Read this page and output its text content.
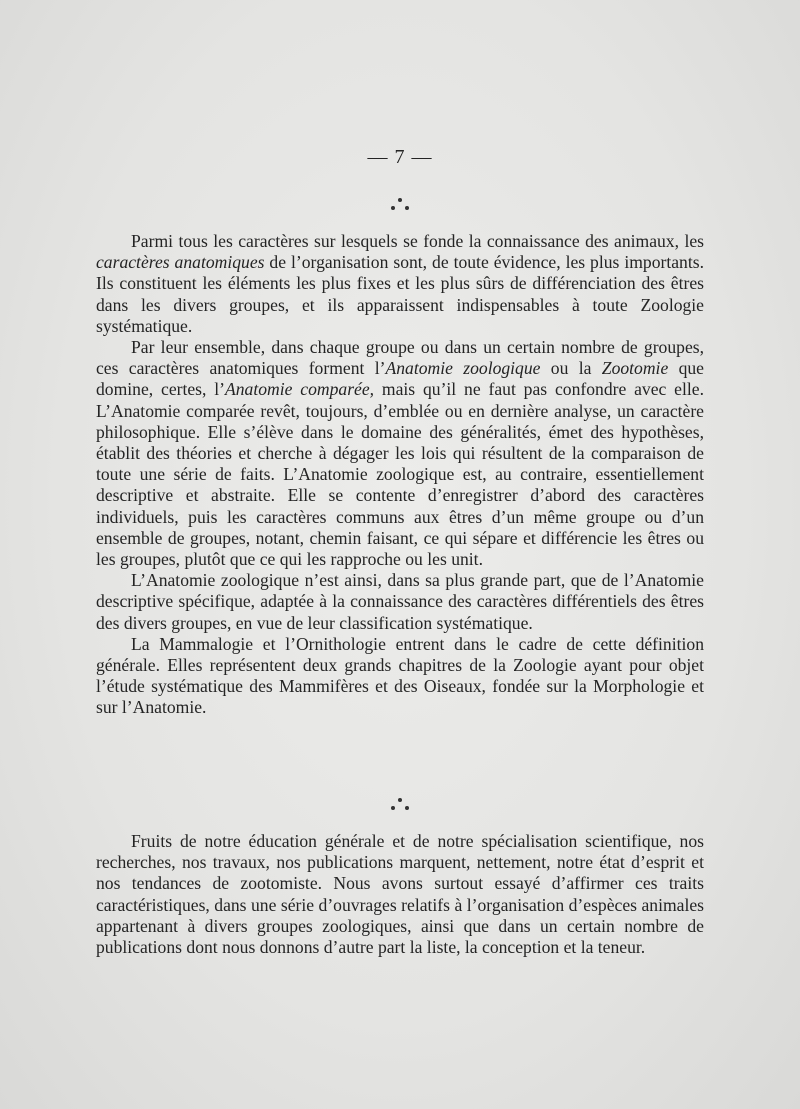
— 7 —

Parmi tous les caractères sur lesquels se fonde la connaissance des animaux, les caractères anatomiques de l’organisation sont, de toute évidence, les plus importants. Ils constituent les éléments les plus fixes et les plus sûrs de différenciation des êtres dans les divers groupes, et ils apparaissent indispensables à toute Zoologie systématique.

Par leur ensemble, dans chaque groupe ou dans un certain nombre de groupes, ces caractères anatomiques forment l’Anatomie zoologique ou la Zootomie que domine, certes, l’Anatomie comparée, mais qu’il ne faut pas confondre avec elle. L’Anatomie comparée revêt, toujours, d’emblée ou en dernière analyse, un caractère philosophique. Elle s’élève dans le domaine des généralités, émet des hypothèses, établit des théories et cherche à dégager les lois qui résultent de la comparaison de toute une série de faits. L’Anatomie zoologique est, au contraire, essentiellement descriptive et abstraite. Elle se contente d’enregistrer d’abord des caractères individuels, puis les caractères communs aux êtres d’un même groupe ou d’un ensemble de groupes, notant, chemin faisant, ce qui sépare et différencie les êtres ou les groupes, plutôt que ce qui les rapproche ou les unit.

L’Anatomie zoologique n’est ainsi, dans sa plus grande part, que de l’Anatomie descriptive spécifique, adaptée à la connaissance des caractères différentiels des êtres des divers groupes, en vue de leur classification systématique.

La Mammalogie et l’Ornithologie entrent dans le cadre de cette définition générale. Elles représentent deux grands chapitres de la Zoologie ayant pour objet l’étude systématique des Mammifères et des Oiseaux, fondée sur la Morphologie et sur l’Anatomie.

Fruits de notre éducation générale et de notre spécialisation scientifique, nos recherches, nos travaux, nos publications marquent, nettement, notre état d’esprit et nos tendances de zootomiste. Nous avons surtout essayé d’affirmer ces traits caractéristiques, dans une série d’ouvrages relatifs à l’organisation d’espèces animales appartenant à divers groupes zoologiques, ainsi que dans un certain nombre de publications dont nous donnons d’autre part la liste, la conception et la teneur.
